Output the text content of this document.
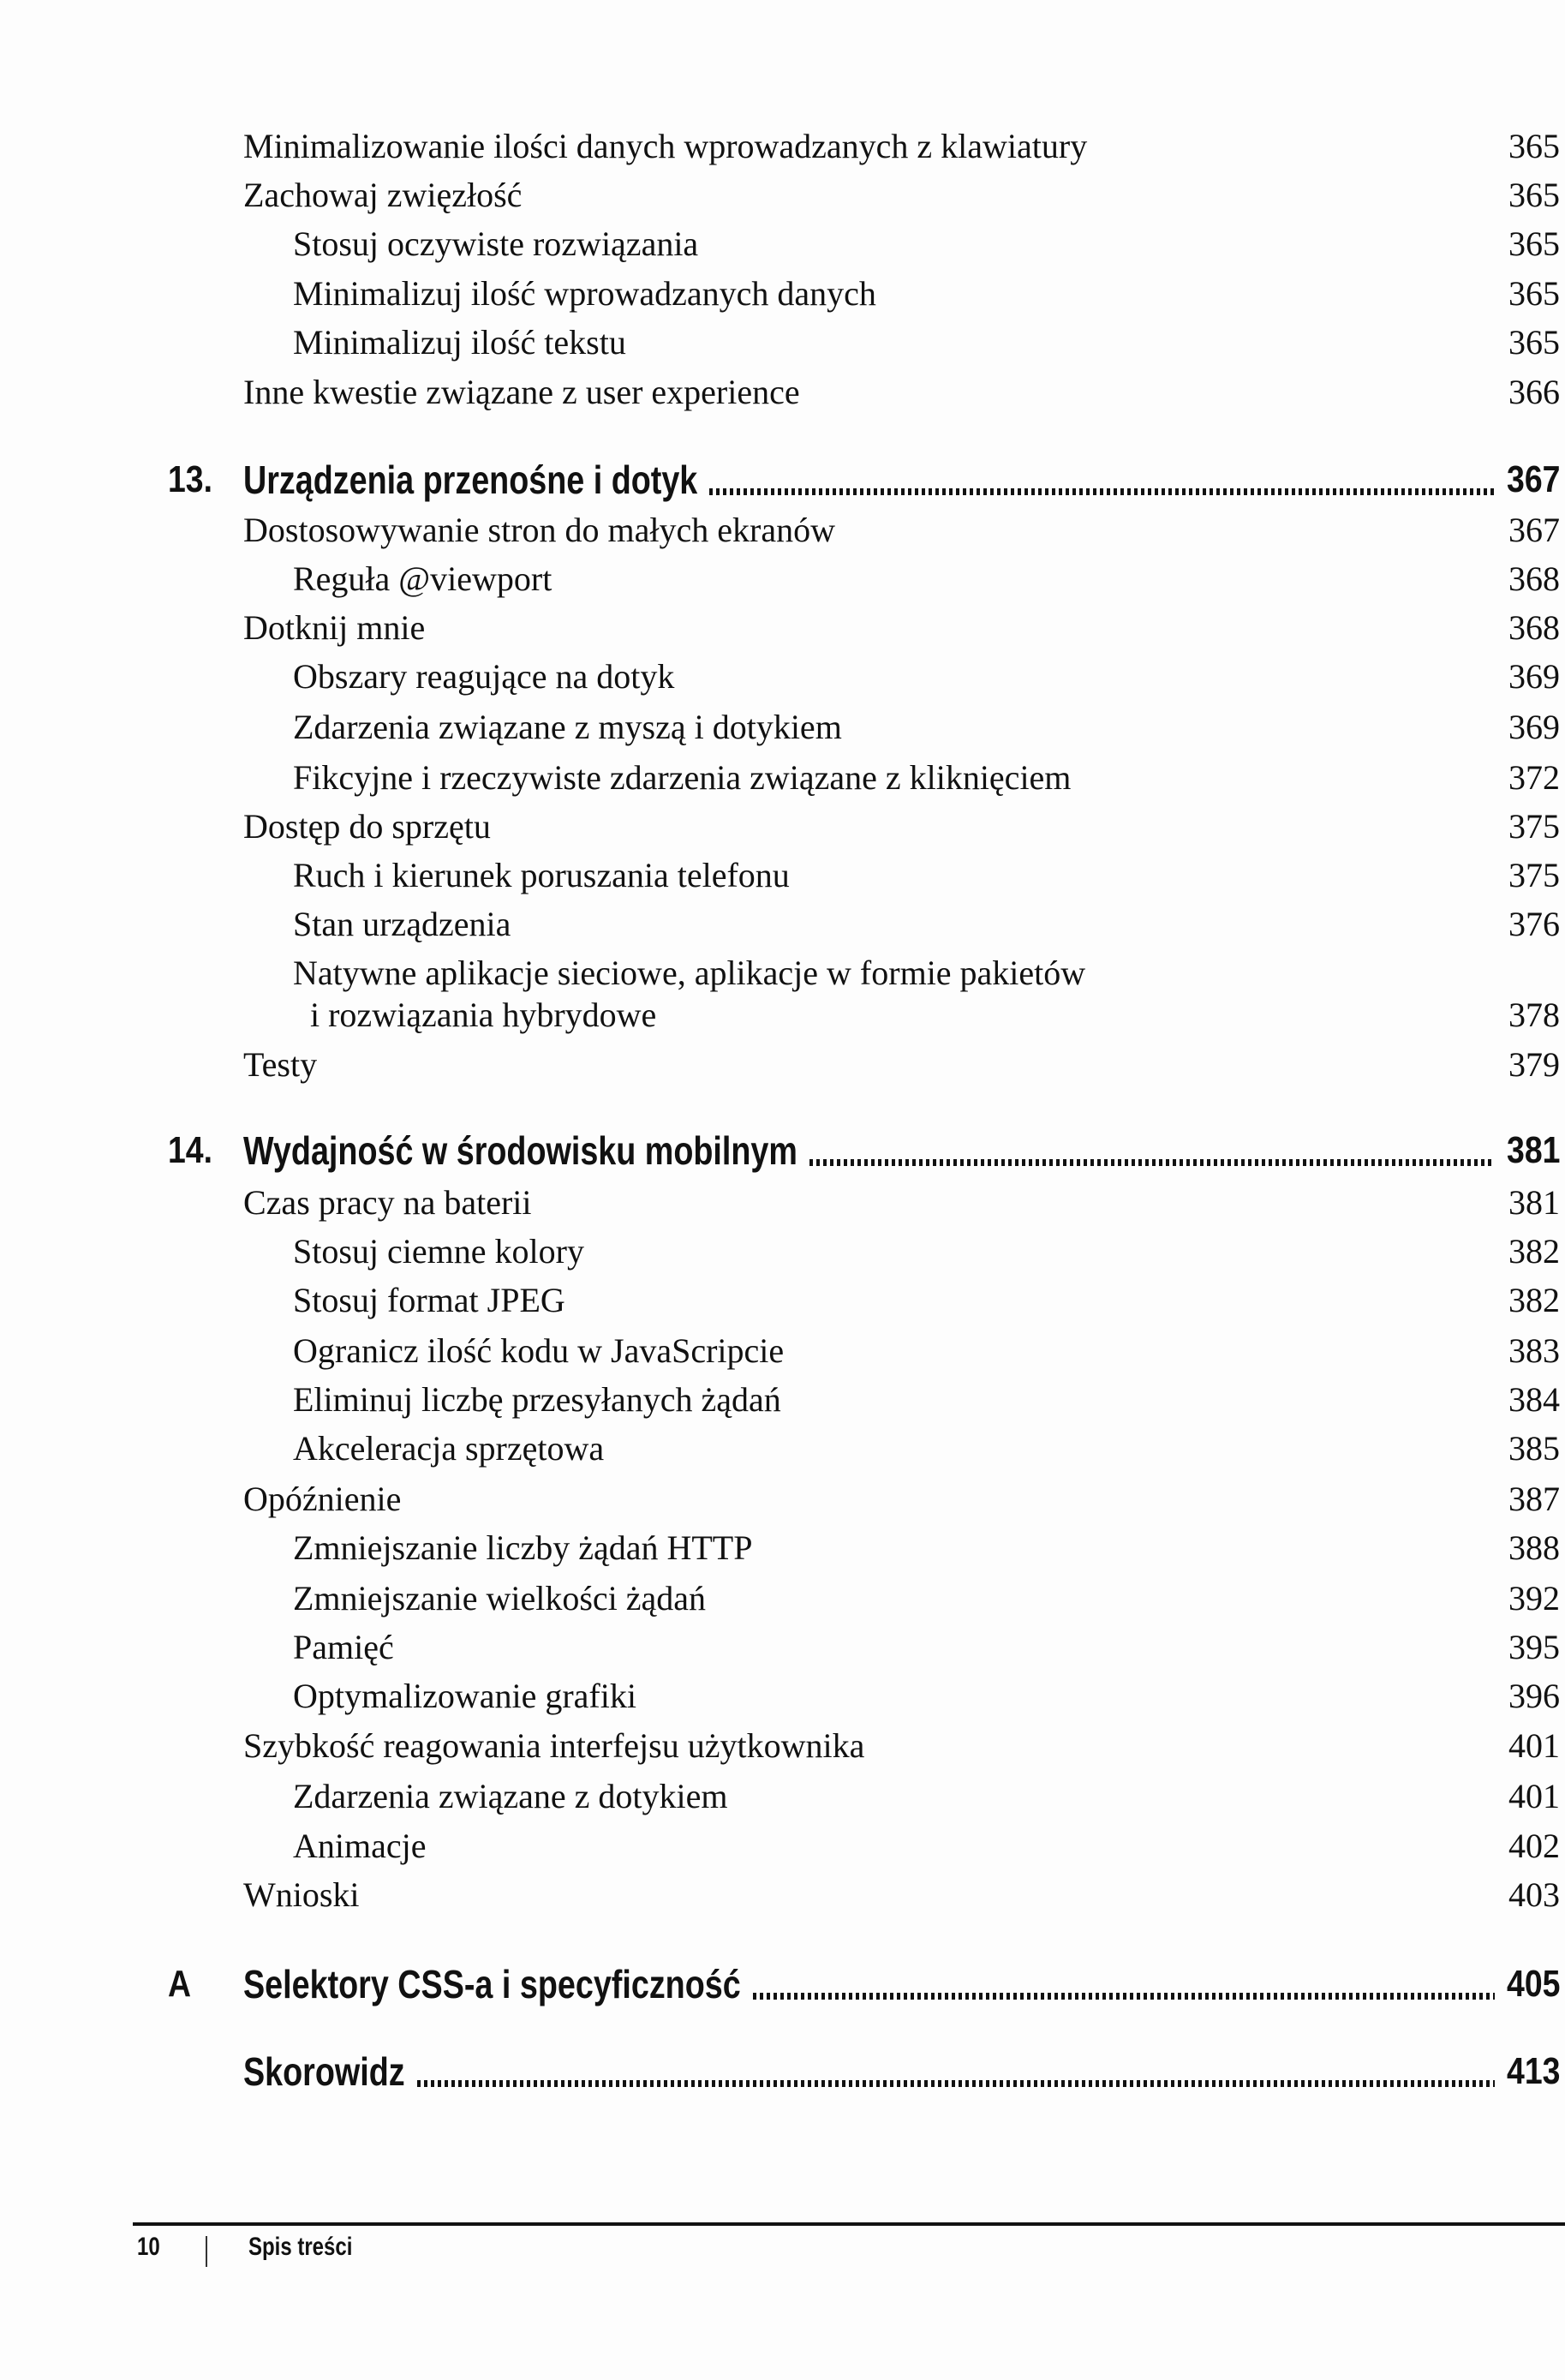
Minimalizowanie ilości danych wprowadzanych z klawiatury	365
Zachowaj zwięzłość	365
Stosuj oczywiste rozwiązania	365
Minimalizuj ilość wprowadzanych danych	365
Minimalizuj ilość tekstu	365
Inne kwestie związane z user experience	366
13. Urządzenia przenośne i dotyk	367
Dostosowywanie stron do małych ekranów	367
Reguła @viewport	368
Dotknij mnie	368
Obszary reagujące na dotyk	369
Zdarzenia związane z myszą i dotykiem	369
Fikcyjne i rzeczywiste zdarzenia związane z kliknięciem	372
Dostęp do sprzętu	375
Ruch i kierunek poruszania telefonu	375
Stan urządzenia	376
Natywne aplikacje sieciowe, aplikacje w formie pakietów
i rozwiązania hybrydowe	378
Testy	379
14. Wydajność w środowisku mobilnym	381
Czas pracy na baterii	381
Stosuj ciemne kolory	382
Stosuj format JPEG	382
Ogranicz ilość kodu w JavaScripcie	383
Eliminuj liczbę przesyłanych żądań	384
Akceleracja sprzętowa	385
Opóźnienie	387
Zmniejszanie liczby żądań HTTP	388
Zmniejszanie wielkości żądań	392
Pamięć	395
Optymalizowanie grafiki	396
Szybkość reagowania interfejsu użytkownika	401
Zdarzenia związane z dotykiem	401
Animacje	402
Wnioski	403
A Selektory CSS-a i specyficzność	405
Skorowidz	413
10	Spis treści
